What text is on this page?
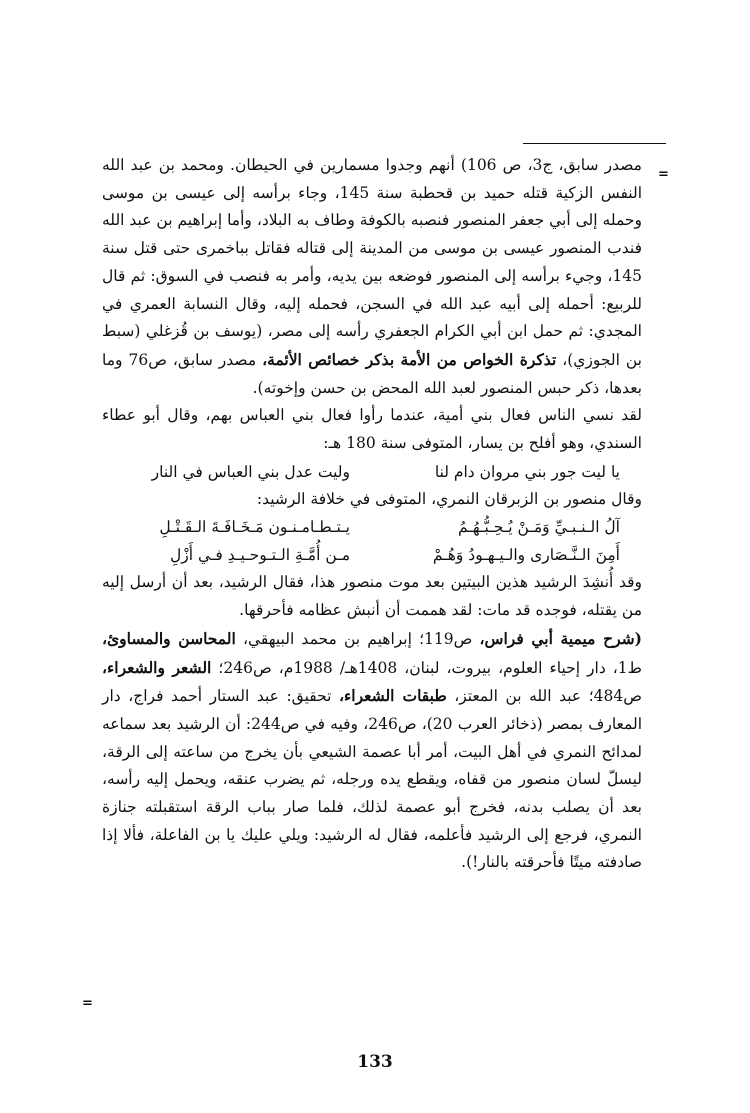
=

مصدر سابق، ج3، ص 106) أنهم وجدوا مسمارين في الحيطان. ومحمد بن عبد الله النفس الزكية قتله حميد بن قحطبة سنة 145، وجاء برأسه إلى عيسى بن موسى وحمله إلى أبي جعفر المنصور فنصبه بالكوفة وطاف به البلاد، وأما إبراهيم بن عبد الله فندب المنصور عيسى بن موسى من المدينة إلى قتاله فقاتل بباخمرى حتى قتل سنة 145، وجيء برأسه إلى المنصور فوضعه بين يديه، وأمر به فنصب في السوق: ثم قال للربيع: أحمله إلى أبيه عبد الله في السجن، فحمله إليه، وقال النسابة العمري في المجدي: ثم حمل ابن أبي الكرام الجعفري رأسه إلى مصر، (يوسف بن قُزغلي (سبط بن الجوزي)، تذكرة الخواص من الأمة بذكر خصائص الأئمة، مصدر سابق، ص76 وما بعدها، ذكر حبس المنصور لعبد الله المحض بن حسن وإخوته).

لقد نسي الناس فعال بني أمية، عندما رأوا فعال بني العباس بهم، وقال أبو عطاء السندي، وهو أفلح بن يسار، المتوفى سنة 180 هـ:

يا ليت جور بني مروان دام لنا
وليت عدل بني العباس في النار

وقال منصور بن الزبرقان النمري، المتوفى في خلافة الرشيد:

آلُ الـنـبـيِّ وَمَـنْ يُـحِـبُّـهُـمُ
يـتـطـامـنـون مَـخَـافَـةَ الـقَـتْـلِ
أَمِنَ الـنَّـصَارى والـيـهـودُ وَهُـمْ
مـن أُمَّـةِ الـتـوحـيـدِ فـي أَزْلِ

وقد أُنشِدَ الرشيد هذين البيتين بعد موت منصور هذا، فقال الرشيد، بعد أن أرسل إليه من يقتله، فوجده قد مات: لقد هممت أن أنبش عظامه فأحرقها.

(شرح ميمية أبي فراس، ص119؛ إبراهيم بن محمد البيهقي، المحاسن والمساوئ، ط1، دار إحياء العلوم، بيروت، لبنان، 1408هـ/ 1988م، ص246؛ الشعر والشعراء، ص484؛ عبد الله بن المعتز، طبقات الشعراء، تحقيق: عبد الستار أحمد فراج، دار المعارف بمصر (ذخائر العرب 20)، ص246، وفيه في ص244: أن الرشيد بعد سماعه لمدائح النمري في أهل البيت، أمر أبا عصمة الشيعي بأن يخرج من ساعته إلى الرقة، ليسلّ لسان منصور من قفاه، ويقطع يده ورجله، ثم يضرب عنقه، ويحمل إليه رأسه، بعد أن يصلب بدنه، فخرج أبو عصمة لذلك، فلما صار بباب الرقة استقبلته جنازة النمري، فرجع إلى الرشيد فأعلمه، فقال له الرشيد: ويلي عليك يا بن الفاعلة، فألا إذا صادفته ميتًا فأحرقته بالنار!).

=
133
